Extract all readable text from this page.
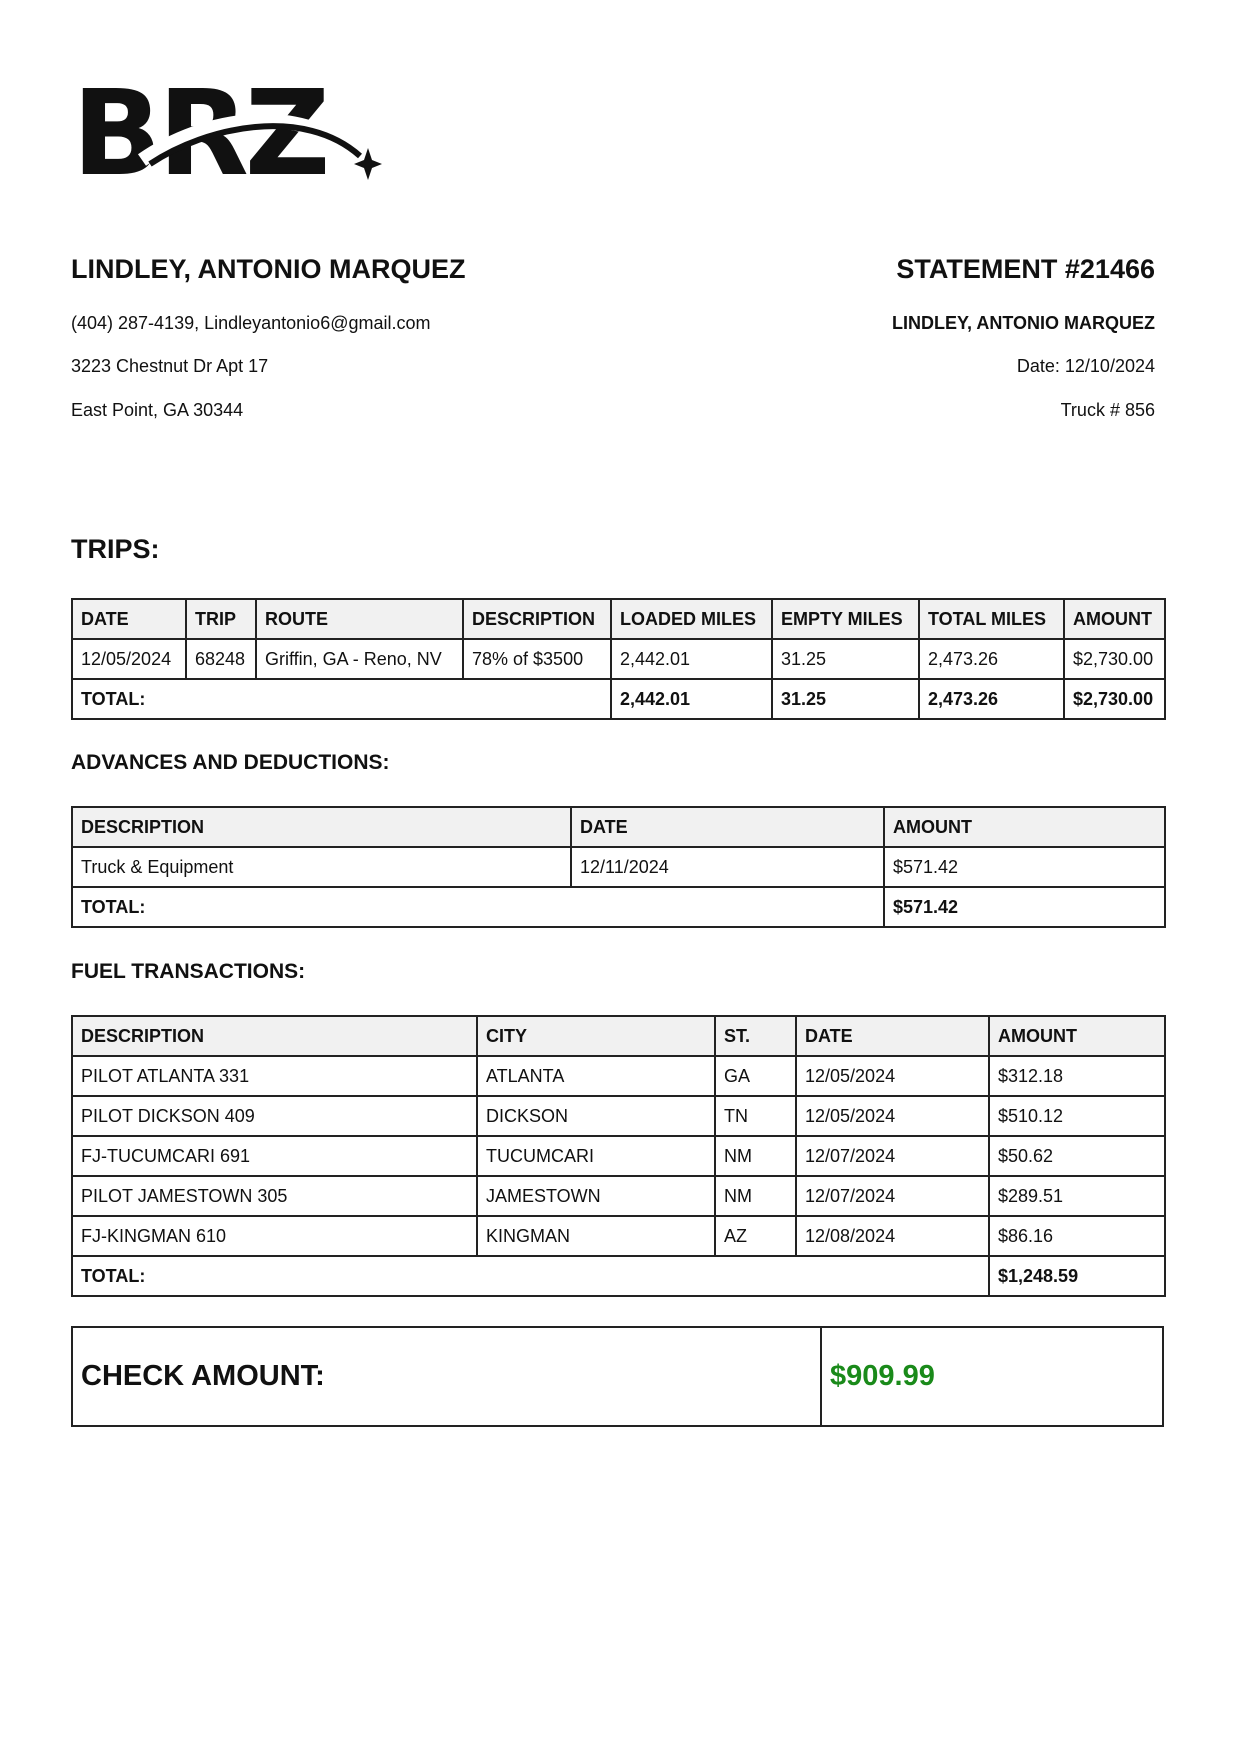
BRZ
LINDLEY, ANTONIO MARQUEZ	STATEMENT #21466
(404) 287-4139, Lindleyantonio6@gmail.com
3223 Chestnut Dr Apt 17
East Point, GA 30344
LINDLEY, ANTONIO MARQUEZ
Date: 12/10/2024
Truck # 856
TRIPS:
DATE	TRIP	ROUTE	DESCRIPTION	LOADED MILES	EMPTY MILES	TOTAL MILES	AMOUNT
12/05/2024	68248	Griffin, GA - Reno, NV	78% of $3500	2,442.01	31.25	2,473.26	$2,730.00
TOTAL:				2,442.01	31.25	2,473.26	$2,730.00
ADVANCES AND DEDUCTIONS:
DESCRIPTION	DATE	AMOUNT
Truck & Equipment	12/11/2024	$571.42
TOTAL:		$571.42
FUEL TRANSACTIONS:
DESCRIPTION	CITY	ST.	DATE	AMOUNT
PILOT ATLANTA 331	ATLANTA	GA	12/05/2024	$312.18
PILOT DICKSON 409	DICKSON	TN	12/05/2024	$510.12
FJ-TUCUMCARI 691	TUCUMCARI	NM	12/07/2024	$50.62
PILOT JAMESTOWN 305	JAMESTOWN	NM	12/07/2024	$289.51
FJ-KINGMAN 610	KINGMAN	AZ	12/08/2024	$86.16
TOTAL:				$1,248.59
CHECK AMOUNT:	$909.99
